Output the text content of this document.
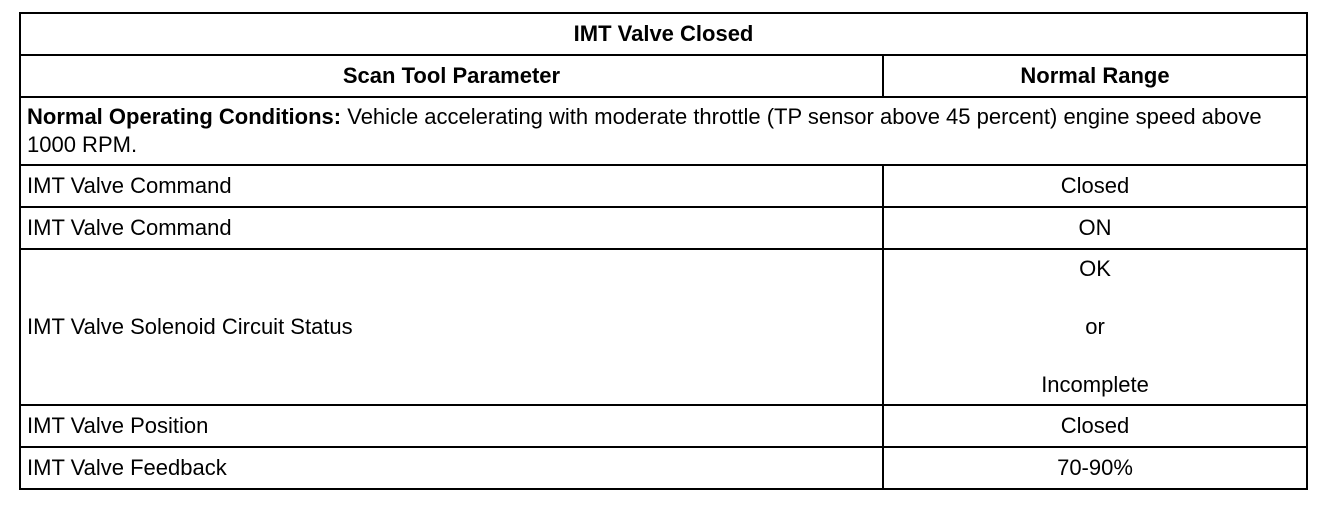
IMT Valve Closed	
Scan Tool Parameter	Normal Range
Normal Operating Conditions: Vehicle accelerating with moderate throttle (TP sensor above 45 percent) engine speed above 1000 RPM.	
IMT Valve Command	Closed
IMT Valve Command	ON
IMT Valve Solenoid Circuit Status	OK
or
Incomplete

IMT Valve Position	Closed
IMT Valve Feedback	70-90%
